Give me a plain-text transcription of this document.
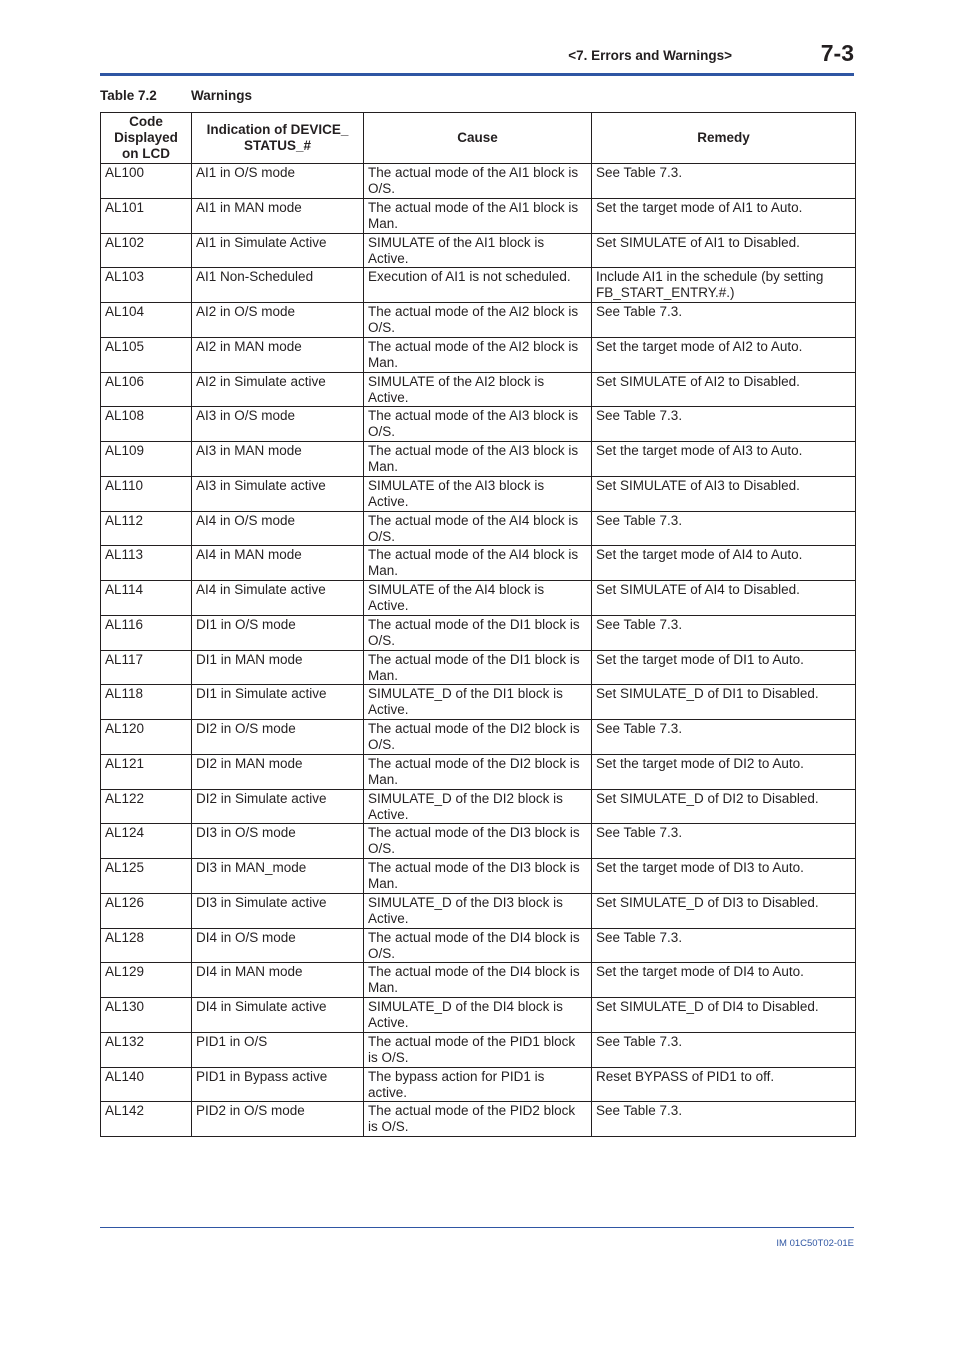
<7. Errors and Warnings>	7-3
Table 7.2	Warnings
Code Displayed on LCD	Indication of DEVICE_ STATUS_#	Cause	Remedy
AL100	AI1 in O/S mode	The actual mode of the AI1 block is O/S.	See Table 7.3.
AL101	AI1 in MAN mode	The actual mode of the AI1 block is Man.	Set the target mode of AI1 to Auto.
AL102	AI1 in Simulate Active	SIMULATE of the AI1 block is Active.	Set SIMULATE of AI1 to Disabled.
AL103	AI1 Non-Scheduled	Execution of AI1 is not scheduled.	Include AI1 in the schedule (by setting FB_START_ENTRY.#.)
AL104	AI2 in O/S mode	The actual mode of the AI2 block is O/S.	See Table 7.3.
AL105	AI2 in MAN mode	The actual mode of the AI2 block is Man.	Set the target mode of AI2 to Auto.
AL106	AI2 in Simulate active	SIMULATE of the AI2 block is Active.	Set SIMULATE of AI2 to Disabled.
AL108	AI3 in O/S mode	The actual mode of the AI3 block is O/S.	See Table 7.3.
AL109	AI3 in MAN mode	The actual mode of the AI3 block is Man.	Set the target mode of AI3 to Auto.
AL110	AI3 in Simulate active	SIMULATE of the AI3 block is Active.	Set SIMULATE of AI3 to Disabled.
AL112	AI4 in O/S mode	The actual mode of the AI4 block is O/S.	See Table 7.3.
AL113	AI4 in MAN mode	The actual mode of the AI4 block is Man.	Set the target mode of AI4 to Auto.
AL114	AI4 in Simulate active	SIMULATE of the AI4 block is Active.	Set SIMULATE of AI4 to Disabled.
AL116	DI1 in O/S mode	The actual mode of the DI1 block is O/S.	See Table 7.3.
AL117	DI1 in MAN mode	The actual mode of the DI1 block is Man.	Set the target mode of DI1 to Auto.
AL118	DI1 in Simulate active	SIMULATE_D of the DI1 block is Active.	Set SIMULATE_D of DI1 to Disabled.
AL120	DI2 in O/S mode	The actual mode of the DI2 block is O/S.	See Table 7.3.
AL121	DI2 in MAN mode	The actual mode of the DI2 block is Man.	Set the target mode of DI2 to Auto.
AL122	DI2 in Simulate active	SIMULATE_D of the DI2 block is Active.	Set SIMULATE_D of DI2 to Disabled.
AL124	DI3 in O/S mode	The actual mode of the DI3 block is O/S.	See Table 7.3.
AL125	DI3 in MAN_mode	The actual mode of the DI3 block is Man.	Set the target mode of DI3 to Auto.
AL126	DI3 in Simulate active	SIMULATE_D of the DI3 block is Active.	Set SIMULATE_D of DI3 to Disabled.
AL128	DI4 in O/S mode	The actual mode of the DI4 block is O/S.	See Table 7.3.
AL129	DI4 in MAN mode	The actual mode of the DI4 block is Man.	Set the target mode of DI4 to Auto.
AL130	DI4 in Simulate active	SIMULATE_D of the DI4 block is Active.	Set SIMULATE_D of DI4 to Disabled.
AL132	PID1 in O/S	The actual mode of the PID1 block is O/S.	See Table 7.3.
AL140	PID1 in Bypass active	The bypass action for PID1 is active.	Reset BYPASS of PID1 to off.
AL142	PID2 in O/S mode	The actual mode of the PID2 block is O/S.	See Table 7.3.
IM 01C50T02-01E
